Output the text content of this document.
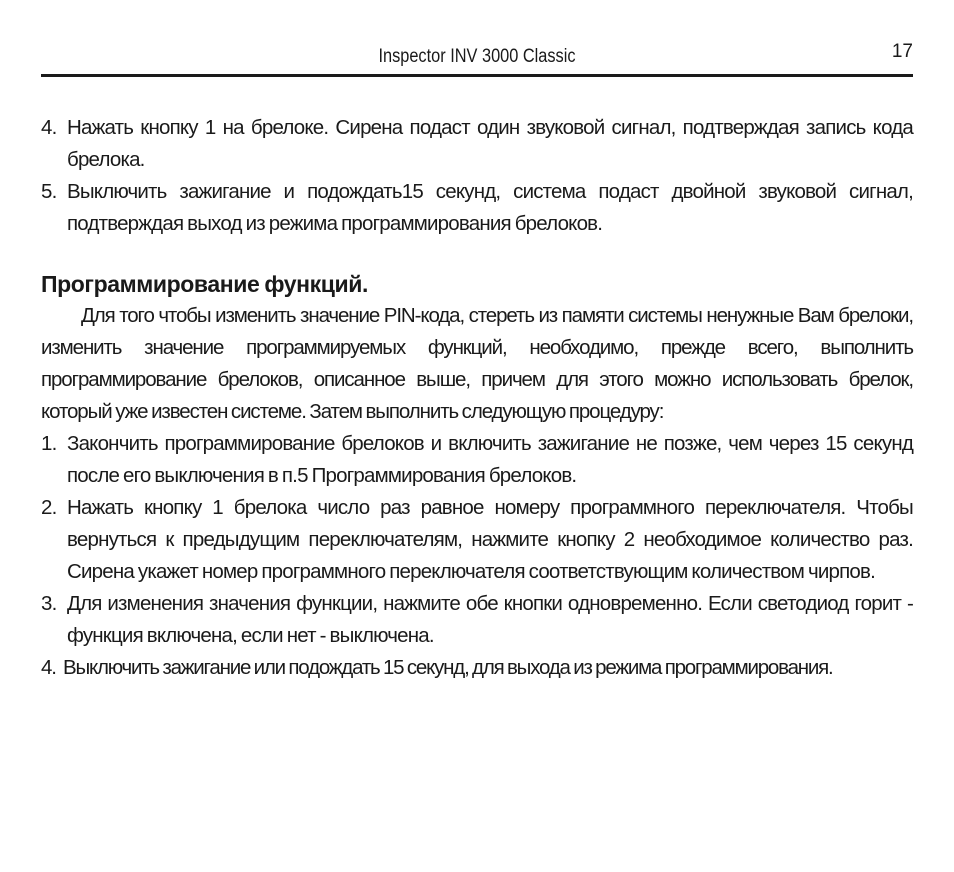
Inspector INV 3000 Classic	17
4. Нажать кнопку 1 на брелоке. Сирена подаст один звуковой сигнал, подтверждая запись кода брелока.
5. Выключить зажигание и подождать15 секунд, система подаст двойной звуковой сигнал, подтверждая выход из режима программирования брелоков.
Программирование функций.
Для того чтобы изменить значение PIN-кода, стереть из памяти системы ненужные Вам брелоки, изменить значение программируемых функций, необходимо, прежде всего, выполнить программирование брелоков, описанное выше, причем для этого можно использовать брелок, который уже известен системе. Затем выполнить следующую процедуру:
1. Закончить программирование брелоков и включить зажигание не позже, чем через 15 секунд после его выключения в п.5 Программирования брелоков.
2. Нажать кнопку 1 брелока число раз равное номеру программного переключателя. Чтобы вернуться к предыдущим переключателям, нажмите кнопку 2 необходимое количество раз. Сирена укажет номер программного переключателя соответствующим количеством чирпов.
3. Для изменения значения функции, нажмите обе кнопки одновременно. Если светодиод горит - функция включена, если нет - выключена.
4. Выключить зажигание или подождать 15 секунд, для выхода из режима программирования.
